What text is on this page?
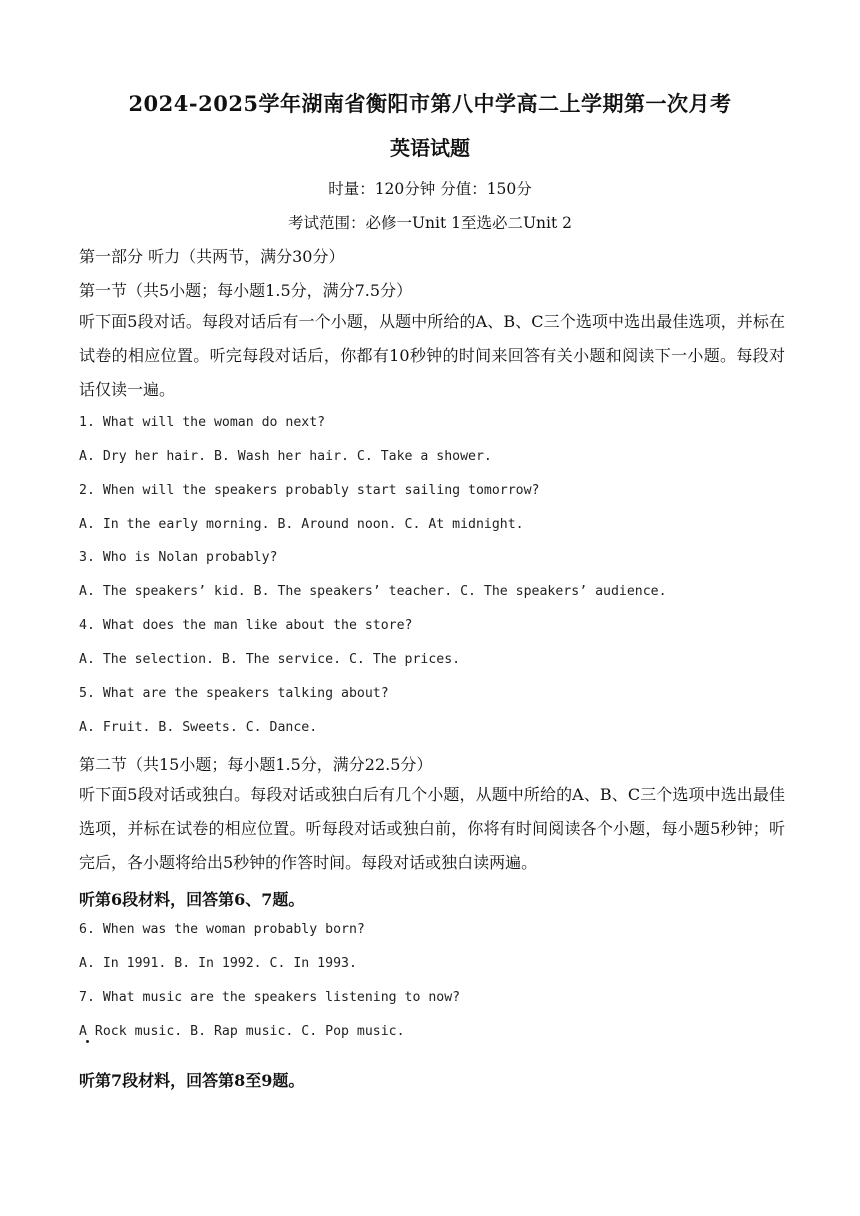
2024-2025学年湖南省衡阳市第八中学高二上学期第一次月考
英语试题
时量：120分钟 分值：150分
考试范围：必修一Unit 1至选必二Unit 2
第一部分 听力（共两节，满分30分）
第一节（共5小题；每小题1.5分，满分7.5分）
听下面5段对话。每段对话后有一个小题，从题中所给的A、B、C三个选项中选出最佳选项，并标在试卷的相应位置。听完每段对话后，你都有10秒钟的时间来回答有关小题和阅读下一小题。每段对话仅读一遍。
1. What will the woman do next?
A. Dry her hair. B. Wash her hair. C. Take a shower.
2. When will the speakers probably start sailing tomorrow?
A. In the early morning. B. Around noon. C. At midnight.
3. Who is Nolan probably?
A. The speakers’ kid. B. The speakers’ teacher. C. The speakers’ audience.
4. What does the man like about the store?
A. The selection. B. The service. C. The prices.
5. What are the speakers talking about?
A. Fruit. B. Sweets. C. Dance.
第二节（共15小题；每小题1.5分，满分22.5分）
听下面5段对话或独白。每段对话或独白后有几个小题，从题中所给的A、B、C三个选项中选出最佳选项，并标在试卷的相应位置。听每段对话或独白前，你将有时间阅读各个小题，每小题5秒钟；听完后，各小题将给出5秒钟的作答时间。每段对话或独白读两遍。
听第6段材料，回答第6、7题。
6. When was the woman probably born?
A. In 1991. B. In 1992. C. In 1993.
7. What music are the speakers listening to now?
A Rock music. B. Rap music. C. Pop music.
听第7段材料，回答第8至9题。
